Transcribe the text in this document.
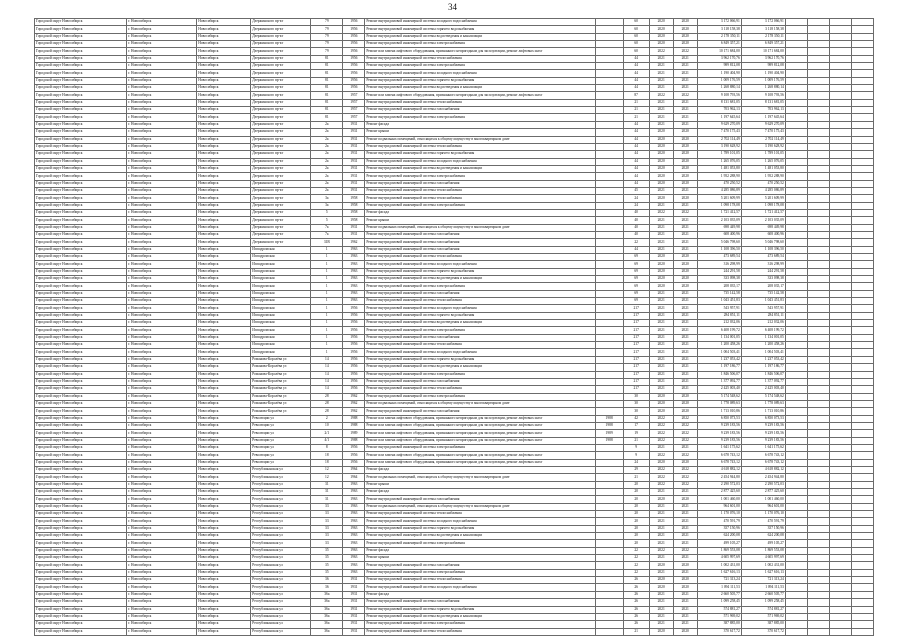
34
Городской округ Новосибирск	г. Новосибирск	Новосибирск	Дзержинского пр-кт	79	1956	Ремонт внутридомовой инженерной системы холодного водоснабжения		60	2020	2020	3 172 066,91	3 172 066,91				
Городской округ Новосибирск	г. Новосибирск	Новосибирск	Дзержинского пр-кт	79	1956	Ремонт внутридомовой инженерной системы горячего водоснабжения		60	2020	2020	3 118 158,38	3 118 158,38				
Городской округ Новосибирск	г. Новосибирск	Новосибирск	Дзержинского пр-кт	79	1956	Ремонт внутридомовой инженерной системы водоотведения и канализации		60	2020	2020	2 178 350,11	2 178 350,11				
Городской округ Новосибирск	г. Новосибирск	Новосибирск	Дзержинского пр-кт	79	1956	Ремонт внутридомовой инженерной системы электроснабжения		60	2020	2020	6 849 357,21	6 849 357,21				
Городской округ Новосибирск	г. Новосибирск	Новосибирск	Дзержинского пр-кт	79	1956	Ремонт или замена лифтового оборудования, признанного непригодным для эксплуатации, ремонт лифтовых шахт		60	2022	2022	10 171 684,00	10 171 684,00				
Городской округ Новосибирск	г. Новосибирск	Новосибирск	Дзержинского пр-кт	81	1956	Ремонт внутридомовой инженерной системы теплоснабжения		44	2021	2021	3 962 170,76	3 962 170,76				
Городской округ Новосибирск	г. Новосибирск	Новосибирск	Дзержинского пр-кт	81	1956	Ремонт внутридомовой инженерной системы электроснабжения		44	2021	2021	989 812,08	989 812,08				
Городской округ Новосибирск	г. Новосибирск	Новосибирск	Дзержинского пр-кт	81	1956	Ремонт внутридомовой инженерной системы холодного водоснабжения		44	2021	2021	1 190 404,90	1 190 404,90				
Городской округ Новосибирск	г. Новосибирск	Новосибирск	Дзержинского пр-кт	81	1956	Ремонт внутридомовой инженерной системы горячего водоснабжения		44	2021	2021	1 009 176,59	1 009 176,59				
Городской округ Новосибирск	г. Новосибирск	Новосибирск	Дзержинского пр-кт	81	1956	Ремонт внутридомовой инженерной системы водоотведения и канализации		44	2021	2021	1 268 880,14	1 268 880,14				
Городской округ Новосибирск	г. Новосибирск	Новосибирск	Дзержинского пр-кт	81	1957	Ремонт или замена лифтового оборудования, признанного непригодным для эксплуатации, ремонт лифтовых шахт		87	2022	2022	9 108 793,56	9 108 793,56				
Городской округ Новосибирск	г. Новосибирск	Новосибирск	Дзержинского пр-кт	81	1957	Ремонт внутридомовой инженерной системы теплоснабжения		21	2021	2021	8 131 681,05	8 131 681,05				
Городской округ Новосибирск	г. Новосибирск	Новосибирск	Дзержинского пр-кт	81	1957	Ремонт внутридомовой инженерной системы газоснабжения		21	2021	2021	703 962,13	703 962,13				
Городской округ Новосибирск	г. Новосибирск	Новосибирск	Дзержинского пр-кт	81	1957	Ремонт внутридомовой инженерной системы электроснабжения		21	2021	2021	1 197 645,64	1 197 645,64				
Городской округ Новосибирск	г. Новосибирск	Новосибирск	Дзержинского пр-кт	2а	1931	Ремонт фасада		44	2021	2021	9 629 270,09	9 629 270,09				
Городской округ Новосибирск	г. Новосибирск	Новосибирск	Дзержинского пр-кт	2а	1931	Ремонт крыши		44	2020	2020	7 470 175,43	7 470 175,43				
Городской округ Новосибирск	г. Новосибирск	Новосибирск	Дзержинского пр-кт	2а	1931	Ремонт подвальных помещений, относящихся к общему имуществу в многоквартирном доме		44	2020	2020	2 702 114,49	2 702 114,49				
Городской округ Новосибирск	г. Новосибирск	Новосибирск	Дзержинского пр-кт	2а	1931	Ремонт внутридомовой инженерной системы теплоснабжения		44	2020	2020	3 190 628,92	3 190 628,92				
Городской округ Новосибирск	г. Новосибирск	Новосибирск	Дзержинского пр-кт	2а	1931	Ремонт внутридомовой инженерной системы горячего водоснабжения		44	2020	2020	1 789 101,05	1 789 101,05				
Городской округ Новосибирск	г. Новосибирск	Новосибирск	Дзержинского пр-кт	2а	1931	Ремонт внутридомовой инженерной системы холодного водоснабжения		44	2020	2020	1 265 076,05	1 265 076,05				
Городской округ Новосибирск	г. Новосибирск	Новосибирск	Дзержинского пр-кт	2а	1931	Ремонт внутридомовой инженерной системы водоотведения и канализации		44	2020	2020	1 481 053,80	1 481 053,80				
Городской округ Новосибирск	г. Новосибирск	Новосибирск	Дзержинского пр-кт	2а	1931	Ремонт внутридомовой инженерной системы электроснабжения		44	2020	2020	1 952 288,90	1 952 288,90				
Городской округ Новосибирск	г. Новосибирск	Новосибирск	Дзержинского пр-кт	2а	1931	Ремонт внутридомовой инженерной системы газоснабжения		44	2020	2020	470 250,52	470 250,52				
Городской округ Новосибирск	г. Новосибирск	Новосибирск	Дзержинского пр-кт	2а	1931	Ремонт внутридомовой инженерной системы теплоснабжения		45	2021	2021	4 285 086,89	4 285 086,89				
Городской округ Новосибирск	г. Новосибирск	Новосибирск	Дзержинского пр-кт	3а	1958	Ремонт внутридомовой инженерной системы теплоснабжения		24	2020	2020	5 201 609,99	5 201 609,99				
Городской округ Новосибирск	г. Новосибирск	Новосибирск	Дзержинского пр-кт	3а	1958	Ремонт внутридомовой инженерной системы электроснабжения		24	2021	2021	1 098 178,08	1 098 178,08				
Городской округ Новосибирск	г. Новосибирск	Новосибирск	Дзержинского пр-кт	5	1958	Ремонт фасада		40	2022	2022	1 721 412,57	1 721 412,57				
Городской округ Новосибирск	г. Новосибирск	Новосибирск	Дзержинского пр-кт	5	1958	Ремонт крыши		40	2021	2021	2 103 035,09	2 103 035,09				
Городской округ Новосибирск	г. Новосибирск	Новосибирск	Дзержинского пр-кт	7а	1931	Ремонт подвальных помещений, относящихся к общему имуществу в многоквартирном доме		40	2021	2021	698 449,98	698 449,98				
Городской округ Новосибирск	г. Новосибирск	Новосибирск	Дзержинского пр-кт	7а	1931	Ремонт внутридомовой инженерной системы газоснабжения		40	2021	2021	608 400,96	608 400,96				
Городской округ Новосибирск	г. Новосибирск	Новосибирск	Дзержинского пр-кт	31В	1962	Ремонт внутридомовой инженерной системы газоснабжения		22	2021	2021	5 046 798,60	5 046 798,60				
Городской округ Новосибирск	г. Новосибирск	Новосибирск	Ипподромская	1	1963	Ремонт внутридомовой инженерной системы газоснабжения		44	2021	2021	1 108 396,50	1 108 396,50				
Городской округ Новосибирск	г. Новосибирск	Новосибирск	Ипподромская	1	1963	Ремонт внутридомовой инженерной системы теплоснабжения		69	2020	2020	473 689,54	473 689,54				
Городской округ Новосибирск	г. Новосибирск	Новосибирск	Ипподромская	1	1963	Ремонт внутридомовой инженерной системы холодного водоснабжения		69	2020	2020	316 298,99	316 298,99				
Городской округ Новосибирск	г. Новосибирск	Новосибирск	Ипподромская	1	1963	Ремонт внутридомовой инженерной системы горячего водоснабжения		69	2020	2020	244 291,58	244 291,58				
Городской округ Новосибирск	г. Новосибирск	Новосибирск	Ипподромская	1	1963	Ремонт внутридомовой инженерной системы водоотведения и канализации		69	2020	2020	333 098,38	333 098,38				
Городской округ Новосибирск	г. Новосибирск	Новосибирск	Ипподромская	1	1963	Ремонт внутридомовой инженерной системы электроснабжения		69	2020	2020	208 035,17	208 035,17				
Городской округ Новосибирск	г. Новосибирск	Новосибирск	Ипподромская	1	1963	Ремонт внутридомовой инженерной системы газоснабжения		69	2021	2021	735 142,58	735 142,58				
Городской округ Новосибирск	г. Новосибирск	Новосибирск	Ипподромская	1	1963	Ремонт внутридомовой инженерной системы теплоснабжения		69	2021	2021	1 043 451,83	1 043 451,83				
Городской округ Новосибирск	г. Новосибирск	Новосибирск	Ипподромская	1	1956	Ремонт внутридомовой инженерной системы холодного водоснабжения		217	2021	2021	543 957,91	543 957,91				
Городской округ Новосибирск	г. Новосибирск	Новосибирск	Ипподромская	1	1956	Ремонт внутридомовой инженерной системы горячего водоснабжения		217	2021	2021	284 851,11	284 851,11				
Городской округ Новосибирск	г. Новосибирск	Новосибирск	Ипподромская	1	1956	Ремонт внутридомовой инженерной системы водоотведения и канализации		217	2021	2021	212 032,06	212 032,06				
Городской округ Новосибирск	г. Новосибирск	Новосибирск	Ипподромская	1	1956	Ремонт внутридомовой инженерной системы электроснабжения		217	2021	2021	6 408 199,72	6 408 199,72				
Городской округ Новосибирск	г. Новосибирск	Новосибирск	Ипподромская	1	1956	Ремонт внутридомовой инженерной системы газоснабжения		217	2021	2021	1 134 001,05	1 134 001,05				
Городской округ Новосибирск	г. Новосибирск	Новосибирск	Ипподромская	1	1956	Ремонт внутридомовой инженерной системы теплоснабжения		217	2021	2021	1 200 458,26	1 200 458,26				
Городской округ Новосибирск	г. Новосибирск	Новосибирск	Ипподромская	1	1956	Ремонт внутридомовой инженерной системы холодного водоснабжения		217	2021	2021	1 004 503,41	1 004 503,41				
Городской округ Новосибирск	г. Новосибирск	Новосибирск	Романова-Королёва ул	14	1956	Ремонт внутридомовой инженерной системы горячего водоснабжения		217	2021	2021	1 237 053,42	1 237 053,42				
Городской округ Новосибирск	г. Новосибирск	Новосибирск	Романова-Королёва ул	14	1956	Ремонт внутридомовой инженерной системы водоотведения и канализации		217	2021	2021	1 197 186,77	1 197 186,77				
Городской округ Новосибирск	г. Новосибирск	Новосибирск	Романова-Королёва ул	14	1956	Ремонт внутридомовой инженерной системы электроснабжения		217	2021	2021	1 846 506,07	1 846 506,07				
Городской округ Новосибирск	г. Новосибирск	Новосибирск	Романова-Королёва ул	14	1956	Ремонт внутридомовой инженерной системы газоснабжения		217	2021	2021	1 377 092,77	1 377 092,77				
Городской округ Новосибирск	г. Новосибирск	Новосибирск	Романова-Королёва ул	14	1956	Ремонт внутридомовой инженерной системы теплоснабжения		217	2021	2021	2 425 003,40	2 425 003,40				
Городской округ Новосибирск	г. Новосибирск	Новосибирск	Романова-Королёва ул	28	1962	Ремонт внутридомовой инженерной системы электроснабжения		30	2020	2020	5 174 548,62	5 174 548,62				
Городской округ Новосибирск	г. Новосибирск	Новосибирск	Романова-Королёва ул	28	1962	Ремонт подвальных помещений, относящихся к общему имуществу в многоквартирном доме		30	2020	2020	1 778 089,63	1 778 089,63				
Городской округ Новосибирск	г. Новосибирск	Новосибирск	Романова-Королёва ул	28	1962	Ремонт внутридомовой инженерной системы газоснабжения		30	2020	2020	1 713 010,86	1 713 010,86				
Городской округ Новосибирск	г. Новосибирск	Новосибирск	Революции ул	2	1988	Ремонт или замена лифтового оборудования, признанного непригодным для эксплуатации, ремонт лифтовых шахт	1988	42	2022	2022	6 850 073,53	6 850 073,53				
Городской округ Новосибирск	г. Новосибирск	Новосибирск	Революции ул	10	1988	Ремонт или замена лифтового оборудования, признанного непригодным для эксплуатации, ремонт лифтовых шахт	1988	17	2022	2022	9 239 183,56	9 239 183,56				
Городской округ Новосибирск	г. Новосибирск	Новосибирск	Революции ул	2/1	1989	Ремонт или замена лифтового оборудования, признанного непригодным для эксплуатации, ремонт лифтовых шахт	1989	19	2022	2022	9 239 183,56	9 239 183,56				
Городской округ Новосибирск	г. Новосибирск	Новосибирск	Революции ул	4/1	1988	Ремонт или замена лифтового оборудования, признанного непригодным для эксплуатации, ремонт лифтовых шахт	1988	21	2022	2022	9 239 183,56	9 239 183,56				
Городской округ Новосибирск	г. Новосибирск	Новосибирск	Революции ул	8	1956	Ремонт внутридомовой инженерной системы электроснабжения		9	2021	2021	1 641 175,62	1 641 175,62				
Городской округ Новосибирск	г. Новосибирск	Новосибирск	Революции ул	18	1956	Ремонт или замена лифтового оборудования, признанного непригодным для эксплуатации, ремонт лифтовых шахт		9	2022	2022	6 678 743,12	6 678 743,12				
Городской округ Новосибирск	г. Новосибирск	Новосибирск	Революции ул	18	1956	Ремонт или замена лифтового оборудования, признанного непригодным для эксплуатации, ремонт лифтовых шахт		24	2020	2020	6 678 743,12	6 678 743,12				
Городской округ Новосибирск	г. Новосибирск	Новосибирск	Республиканская ул	12	1964	Ремонт фасада		29	2022	2022	4 618 882,12	4 618 882,12				
Городской округ Новосибирск	г. Новосибирск	Новосибирск	Республиканская ул	12	1964	Ремонт подвальных помещений, относящихся к общему имуществу в многоквартирном доме		21	2022	2022	2 454 944,80	2 454 944,80				
Городской округ Новосибирск	г. Новосибирск	Новосибирск	Республиканская ул	31	1963	Ремонт крыши		20	2022	2022	2 290 572,03	2 290 572,03				
Городской округ Новосибирск	г. Новосибирск	Новосибирск	Республиканская ул	31	1963	Ремонт фасада		20	2021	2021	2 877 425,60	2 877 425,60				
Городской округ Новосибирск	г. Новосибирск	Новосибирск	Республиканская ул	31	1963	Ремонт внутридомовой инженерной системы газоснабжения		20	2020	2020	1 001 460,00	1 001 460,00				
Городской округ Новосибирск	г. Новосибирск	Новосибирск	Республиканская ул	33	1963	Ремонт подвальных помещений, относящихся к общему имуществу в многоквартирном доме		20	2021	2021	964 601,00	964 601,00				
Городской округ Новосибирск	г. Новосибирск	Новосибирск	Республиканская ул	33	1963	Ремонт внутридомовой инженерной системы теплоснабжения		20	2021	2021	1 170 076,10	1 170 076,10				
Городской округ Новосибирск	г. Новосибирск	Новосибирск	Республиканская ул	33	1963	Ремонт внутридомовой инженерной системы холодного водоснабжения		20	2021	2021	470 591,79	470 591,79				
Городской округ Новосибирск	г. Новосибирск	Новосибирск	Республиканская ул	33	1963	Ремонт внутридомовой инженерной системы горячего водоснабжения		20	2021	2021	357 150,96	357 150,96				
Городской округ Новосибирск	г. Новосибирск	Новосибирск	Республиканская ул	33	1963	Ремонт внутридомовой инженерной системы водоотведения и канализации		20	2021	2021	624 200,08	624 200,08				
Городской округ Новосибирск	г. Новосибирск	Новосибирск	Республиканская ул	33	1963	Ремонт внутридомовой инженерной системы электроснабжения		20	2021	2021	499 105,27	499 105,27				
Городской округ Новосибирск	г. Новосибирск	Новосибирск	Республиканская ул	35	1963	Ремонт фасада		22	2022	2022	1 869 553,08	1 869 553,08				
Городской округ Новосибирск	г. Новосибирск	Новосибирск	Республиканская ул	35	1963	Ремонт крыши		22	2021	2021	4 605 997,69	4 605 997,69				
Городской округ Новосибирск	г. Новосибирск	Новосибирск	Республиканская ул	35	1963	Ремонт внутридомовой инженерной системы газоснабжения		22	2020	2020	1 002 431,00	1 002 431,00				
Городской округ Новосибирск	г. Новосибирск	Новосибирск	Республиканская ул	35	1963	Ремонт внутридомовой инженерной системы электроснабжения		22	2021	2021	1 627 616,13	1 627 616,13				
Городской округ Новосибирск	г. Новосибирск	Новосибирск	Республиканская ул	36	1931	Ремонт внутридомовой инженерной системы теплоснабжения		26	2020	2020	721 313,24	721 313,24				
Городской округ Новосибирск	г. Новосибирск	Новосибирск	Республиканская ул	36	1931	Ремонт внутридомовой инженерной системы холодного водоснабжения		26	2020	2020	1 094 111,53	1 094 111,53				
Городской округ Новосибирск	г. Новосибирск	Новосибирск	Республиканская ул	36а	1931	Ремонт фасада		26	2021	2021	2 660 505,77	2 660 505,77				
Городской округ Новосибирск	г. Новосибирск	Новосибирск	Республиканская ул	36а	1931	Ремонт внутридомовой инженерной системы газоснабжения		26	2021	2021	1 099 258,45	1 099 258,45				
Городской округ Новосибирск	г. Новосибирск	Новосибирск	Республиканская ул	36а	1931	Ремонт внутридомовой инженерной системы горячего водоснабжения		26	2021	2021	574 881,27	574 881,27				
Городской округ Новосибирск	г. Новосибирск	Новосибирск	Республиканская ул	36а	1931	Ремонт внутридомовой инженерной системы водоотведения и канализации		26	2021	2021	571 969,02	571 969,02				
Городской округ Новосибирск	г. Новосибирск	Новосибирск	Республиканская ул	36а	1931	Ремонт внутридомовой инженерной системы электроснабжения		26	2021	2021	387 885,00	387 885,00				
Городской округ Новосибирск	г. Новосибирск	Новосибирск	Республиканская ул	36а	1931	Ремонт внутридомовой инженерной системы теплоснабжения		21	2020	2020	370 617,72	370 617,72				
